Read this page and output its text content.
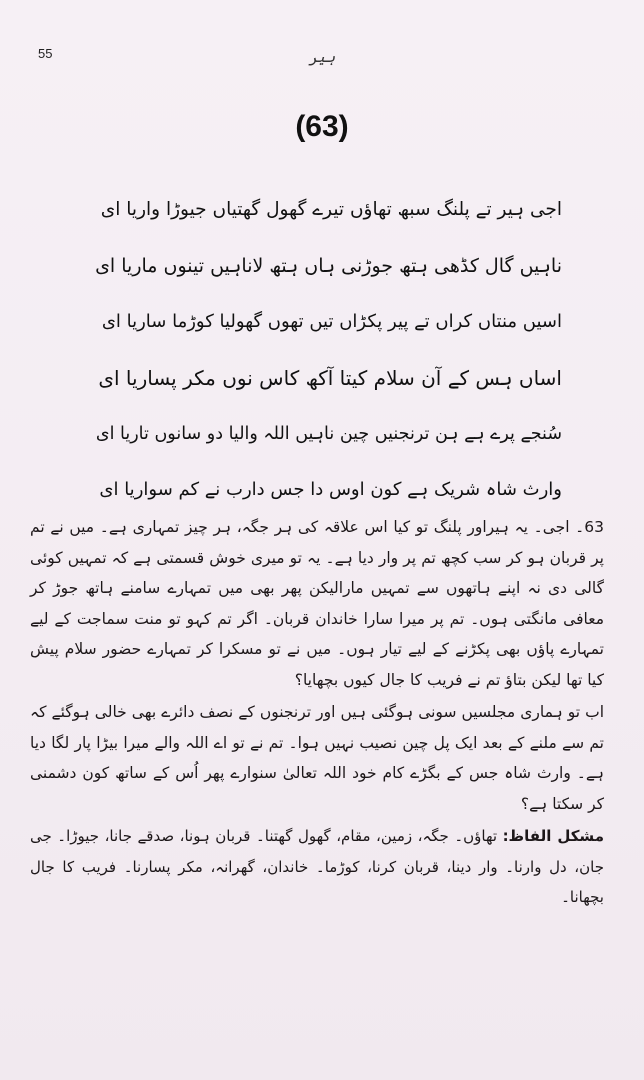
55	ہیر
(63)
اجی ہیر تے پلنگ سبھ تھاؤں تیرے گھول گھتیاں جیوڑا واریا ای
ناہیں گال کڈھی ہتھ جوڑنی ہاں ہتھ لاناہیں تینوں ماریا ای
اسیں منتاں کراں تے پیر پکڑاں تیں تھوں گھولیا کوڑما ساریا ای
اساں ہس کے آن سلام کیتا آکھ کاس نوں مکر پساریا ای
سُنجے پرے ہے ہن ترنجنیں چین ناہیں اللہ والیا دو سانوں تاریا ای
وارث شاہ شریک ہے کون اوس دا جس دارب نے کم سواریا ای

63۔ اجی۔ یہ ہیراور پلنگ تو کیا اس علاقہ کی ہر جگہ، ہر چیز تمہاری ہے۔ میں نے تم پر قربان ہو کر سب کچھ تم پر وار دیا ہے۔ یہ تو میری خوش قسمتی ہے کہ تمہیں کوئی گالی دی نہ اپنے ہاتھوں سے تمہیں مارالیکن پھر بھی میں تمہارے سامنے ہاتھ جوڑ کر معافی مانگتی ہوں۔ تم پر میرا سارا خاندان قربان۔ اگر تم کہو تو منت سماجت کے لیے تمہارے پاؤں بھی پکڑنے کے لیے تیار ہوں۔ میں نے تو مسکرا کر تمہارے حضور سلام پیش کیا تھا لیکن بتاؤ تم نے فریب کا جال کیوں بچھایا؟

اب تو ہماری مجلسیں سونی ہوگئی ہیں اور ترنجنوں کے نصف دائرے بھی خالی ہوگئے کہ تم سے ملنے کے بعد ایک پل چین نصیب نہیں ہوا۔ تم نے تو اے اللہ والے میرا بیڑا پار لگا دیا ہے۔ وارث شاہ جس کے بگڑے کام خود اللہ تعالیٰ سنوارے پھر اُس کے ساتھ کون دشمنی کر سکتا ہے؟

مشکل الفاظ: تھاؤں۔ جگہ، زمین، مقام، گھول گھتنا۔ قربان ہونا، صدقے جانا، جیوڑا۔ جی جان، دل وارنا۔ وار دینا، قربان کرنا، کوڑما۔ خاندان، گھرانہ، مکر پسارنا۔ فریب کا جال بچھانا۔
